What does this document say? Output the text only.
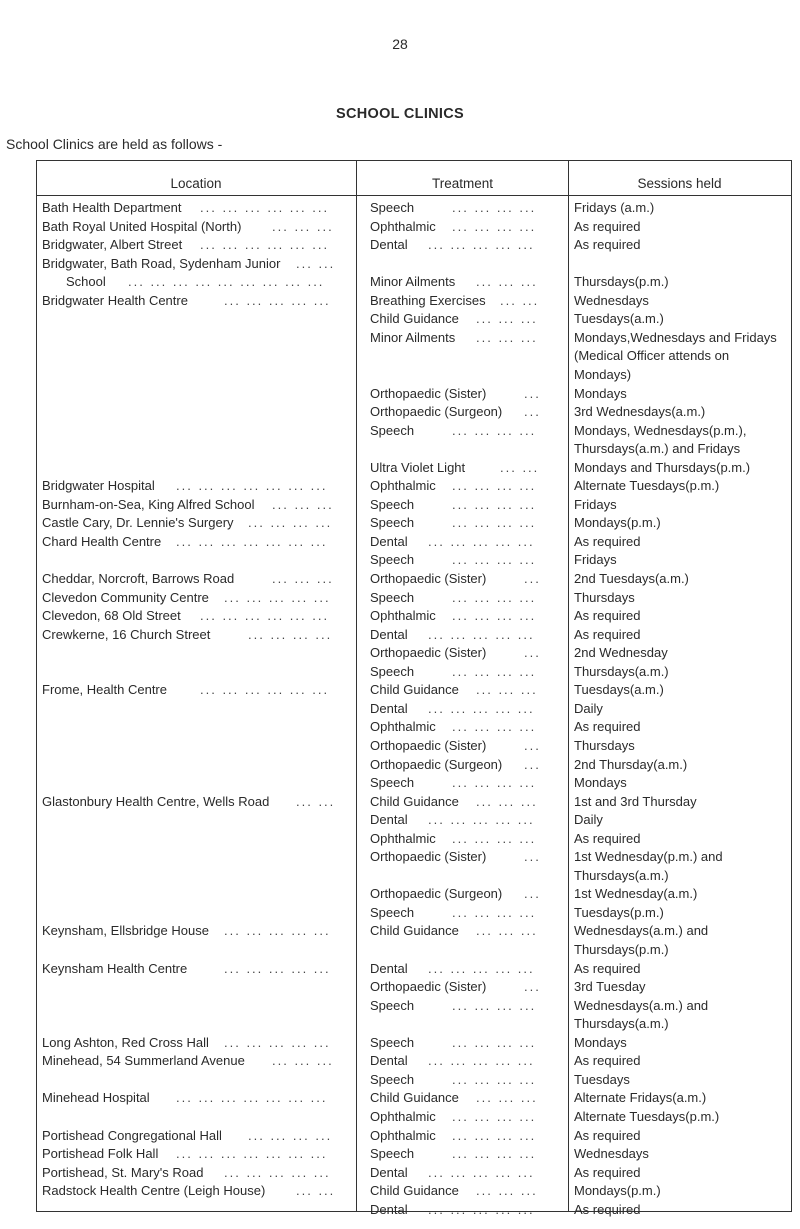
28
SCHOOL CLINICS
School Clinics are held as follows -
Location	Treatment	Sessions held
Bath Health Department ... ... ... ... ... ...	Speech	... ... ... ...	Fridays (a.m.)
Bath Royal United Hospital (North) ... ... ...	Ophthalmic ... ... ... ...	As required
Bridgwater, Albert Street ... ... ... ... ... ...	Dental ... ... ... ... ...	As required
Bridgwater, Bath Road, Sydenham Junior ... ...
School ... ... ... ... ... ... ... ... ...	Minor Ailments ... ... ...	Thursdays(p.m.)
Bridgwater Health Centre	... ... ... ... ...	Breathing Exercises ... ...	Wednesdays
Child Guidance ... ... ...	Tuesdays(a.m.)
Minor Ailments ... ... ...	Mondays,Wednesdays and Fridays
(Medical Officer attends on
Mondays)
Orthopaedic (Sister)	...	Mondays
Orthopaedic (Surgeon) ...	3rd Wednesdays(a.m.)
Speech	... ... ... ...	Mondays, Wednesdays(p.m.),
Thursdays(a.m.) and Fridays
Ultra Violet Light	... ...	Mondays and Thursdays(p.m.)
Bridgwater Hospital ... ... ... ... ... ... ...	Ophthalmic ... ... ... ...	Alternate Tuesdays(p.m.)
Burnham-on-Sea, King Alfred School ... ... ...	Speech	... ... ... ...	Fridays
Castle Cary, Dr. Lennie's Surgery ... ... ... ...	Speech	... ... ... ...	Mondays(p.m.)
Chard Health Centre ... ... ... ... ... ... ...	Dental ... ... ... ... ...	As required
Speech	... ... ... ...	Fridays
Cheddar, Norcroft, Barrows Road	... ... ...	Orthopaedic (Sister)	...	2nd Tuesdays(a.m.)
Clevedon Community Centre ... ... ... ... ...	Speech	... ... ... ...	Thursdays
Clevedon, 68 Old Street ... ... ... ... ... ...	Ophthalmic ... ... ... ...	As required
Crewkerne, 16 Church Street	... ... ... ...	Dental ... ... ... ... ...	As required
Orthopaedic (Sister)	...	2nd Wednesday
Speech	... ... ... ...	Thursdays(a.m.)
Frome, Health Centre	... ... ... ... ... ...	Child Guidance ... ... ...	Tuesdays(a.m.)
Dental ... ... ... ... ...	Daily
Ophthalmic ... ... ... ...	As required
Orthopaedic (Sister)	...	Thursdays
Orthopaedic (Surgeon) ...	2nd Thursday(a.m.)
Speech	... ... ... ...	Mondays
Glastonbury Health Centre, Wells Road ... ...	Child Guidance ... ... ...	1st and 3rd Thursday
Dental ... ... ... ... ...	Daily
Ophthalmic ... ... ... ...	As required
Orthopaedic (Sister)	...	1st Wednesday(p.m.) and
Thursdays(a.m.)
Orthopaedic (Surgeon) ...	1st Wednesday(a.m.)
Speech	... ... ... ...	Tuesdays(p.m.)
Keynsham, Ellsbridge House ... ... ... ... ...	Child Guidance ... ... ...	Wednesdays(a.m.) and
Thursdays(p.m.)
Keynsham Health Centre	... ... ... ... ...	Dental ... ... ... ... ...	As required
Orthopaedic (Sister)	...	3rd Tuesday
Speech	... ... ... ...	Wednesdays(a.m.) and
Thursdays(a.m.)
Long Ashton, Red Cross Hall ... ... ... ... ...	Speech	... ... ... ...	Mondays
Minehead, 54 Summerland Avenue ... ... ...	Dental ... ... ... ... ...	As required
Speech	... ... ... ...	Tuesdays
Minehead Hospital ... ... ... ... ... ... ...	Child Guidance ... ... ...	Alternate Fridays(a.m.)
Ophthalmic ... ... ... ...	Alternate Tuesdays(p.m.)
Portishead Congregational Hall ... ... ... ...	Ophthalmic ... ... ... ...	As required
Portishead Folk Hall ... ... ... ... ... ... ...	Speech	... ... ... ...	Wednesdays
Portishead, St. Mary's Road ... ... ... ... ...	Dental ... ... ... ... ...	As required
Radstock Health Centre (Leigh House) ... ...	Child Guidance ... ... ...	Mondays(p.m.)
Dental ... ... ... ... ...	As required
